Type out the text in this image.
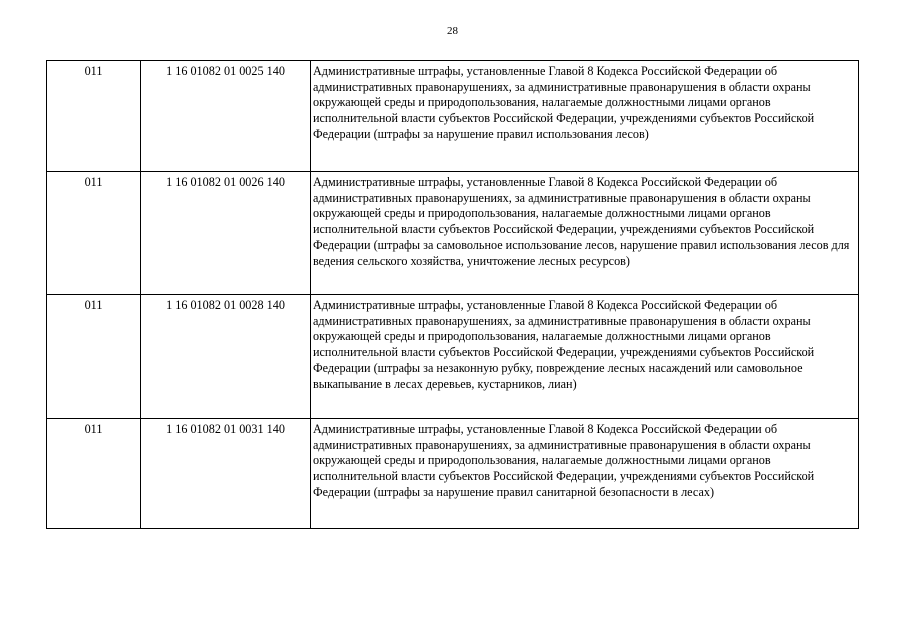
28
011	1 16 01082 01 0025 140	Административные штрафы, установленные Главой 8 Кодекса Российской Федерации об административных правонарушениях, за административные правонарушения в области охраны окружающей среды и природопользования, налагаемые должностными лицами органов исполнительной власти субъектов Российской Федерации, учреждениями субъектов Российской Федерации (штрафы за нарушение правил использования лесов)
011	1 16 01082 01 0026 140	Административные штрафы, установленные Главой 8 Кодекса Российской Федерации об административных правонарушениях, за административные правонарушения в области охраны окружающей среды и природопользования, налагаемые должностными лицами органов исполнительной власти субъектов Российской Федерации, учреждениями субъектов Российской Федерации (штрафы за самовольное использование лесов, нарушение правил использования лесов для ведения сельского хозяйства, уничтожение лесных ресурсов)
011	1 16 01082 01 0028 140	Административные штрафы, установленные Главой 8 Кодекса Российской Федерации об административных правонарушениях, за административные правонарушения в области охраны окружающей среды и природопользования, налагаемые должностными лицами органов исполнительной власти субъектов Российской Федерации, учреждениями субъектов Российской Федерации (штрафы за незаконную рубку, повреждение лесных насаждений или самовольное выкапывание в лесах деревьев, кустарников, лиан)
011	1 16 01082 01 0031 140	Административные штрафы, установленные Главой 8 Кодекса Российской Федерации об административных правонарушениях, за административные правонарушения в области охраны окружающей среды и природопользования, налагаемые должностными лицами органов исполнительной власти субъектов Российской Федерации, учреждениями субъектов Российской Федерации (штрафы за нарушение правил санитарной безопасности в лесах)
